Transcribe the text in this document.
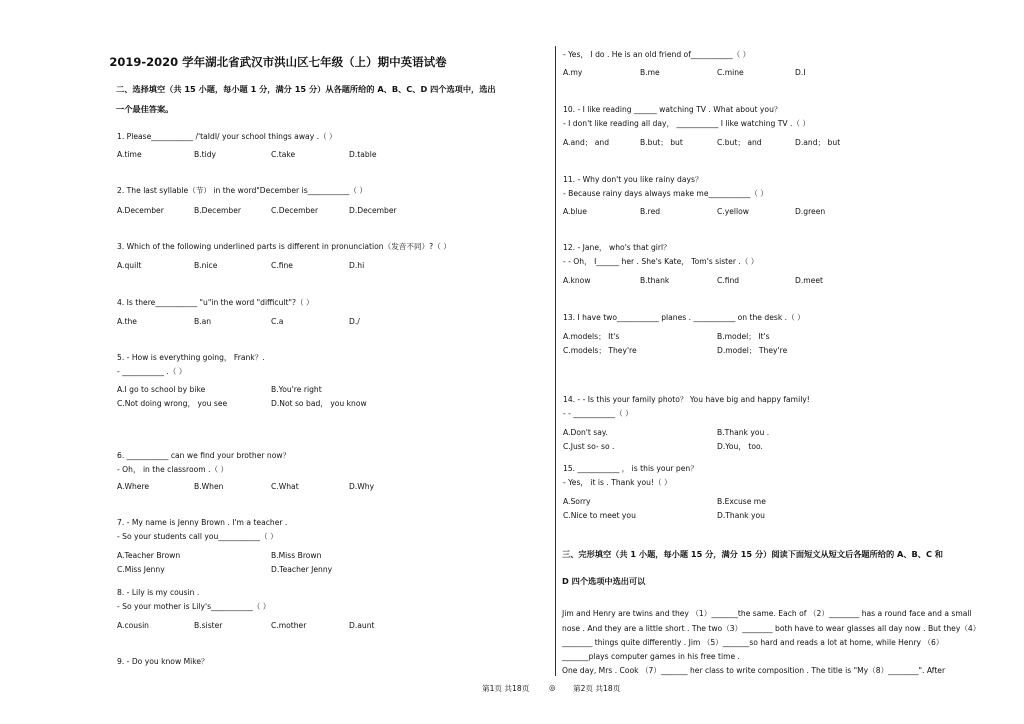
2019-2020 学年湖北省武汉市洪山区七年级（上）期中英语试卷
二、选择填空（共 15 小题，每小题 1 分，满分 15 分）从各题所给的 A、B、C、D 四个选项中，选出
一个最佳答案。
1. Please___________ /'taIdI/ your school things away .（ ）
A.time	B.tidy	C.take	D.table
2. The last syllable（节） in the word"December is___________（ ）
A.December	B.December	C.December	D.December
3. Which of the following underlined parts is different in pronunciation（发音不同）?（ ）
A.quilt	B.nice	C.fine	D.hi
4. Is there___________ "u"in the word "difficult"?（ ）
A.the	B.an	C.a	D./
5. - How is everything going， Frank？.
- ___________ .（ ）
A.I go to school by bike	B.You're right
C.Not doing wrong， you see	D.Not so bad， you know
6. ___________ can we find your brother now？
- Oh， in the classroom .（ ）
A.Where	B.When	C.What	D.Why
7. - My name is Jenny Brown . I'm a teacher .
- So your students call you___________（ ）
A.Teacher Brown	B.Miss Brown
C.Miss Jenny	D.Teacher Jenny
8. - Lily is my cousin .
- So your mother is Lily's___________（ ）
A.cousin	B.sister	C.mother	D.aunt
9. - Do you know Mike？
- Yes， I do . He is an old friend of___________（ ）
A.my	B.me	C.mine	D.I
10. - I like reading ______ watching TV . What about you？
- I don't like reading all day， ___________ I like watching TV .（ ）
A.and； and	B.but； but	C.but； and	D.and； but
11. - Why don't you like rainy days？
- Because rainy days always make me___________（ ）
A.blue	B.red	C.yellow	D.green
12. - Jane， who's that girl？
- - Oh， I______ her . She's Kate， Tom's sister .（ ）
A.know	B.thank	C.find	D.meet
13. I have two___________ planes . ___________ on the desk .（ ）
A.models； It's	B.model； It's
C.models； They're	D.model； They're
14. - - Is this your family photo？ You have big and happy family!
- - ___________（ ）
A.Don't say.	B.Thank you .
C.Just so- so .	D.You， too.
15. ___________ ， is this your pen？
- Yes， it is . Thank you!（ ）
A.Sorry	B.Excuse me
C.Nice to meet you	D.Thank you
三、完形填空（共 1 小题，每小题 15 分，满分 15 分）阅读下面短文从短文后各题所给的 A、B、C 和
D 四个选项中选出可以
Jim and Henry are twins and they （1）_______the same. Each of （2）________ has a round face and a small
nose . And they are a little short . The two（3）________ both have to wear glasses all day now . But they（4）
________ things quite differently . Jim （5）_______so hard and reads a lot at home, while Henry （6）
_______plays computer games in his free time .
One day, Mrs . Cook （7）_______ her class to write composition . The title is "My（8）________". After
第1页 共18页	◎ 第2页 共18页
